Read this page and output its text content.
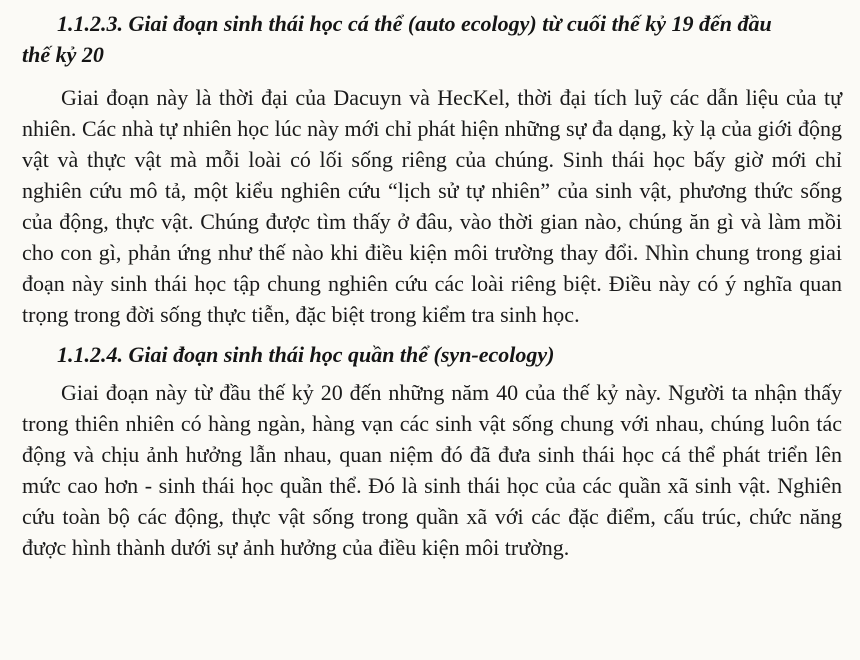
1.1.2.3. Giai đoạn sinh thái học cá thể (auto ecology) từ cuối thế kỷ 19 đến đầu
thế kỷ 20

Giai đoạn này là thời đại của Dacuyn và HecKel, thời đại tích luỹ các dẫn liệu của tự nhiên. Các nhà tự nhiên học lúc này mới chỉ phát hiện những sự đa dạng, kỳ lạ của giới động vật và thực vật mà mỗi loài có lối sống riêng của chúng. Sinh thái học bấy giờ mới chỉ nghiên cứu mô tả, một kiểu nghiên cứu “lịch sử tự nhiên” của sinh vật, phương thức sống của động, thực vật. Chúng được tìm thấy ở đâu, vào thời gian nào, chúng ăn gì và làm mồi cho con gì, phản ứng như thế nào khi điều kiện môi trường thay đổi. Nhìn chung trong giai đoạn này sinh thái học tập chung nghiên cứu các loài riêng biệt. Điều này có ý nghĩa quan trọng trong đời sống thực tiễn, đặc biệt trong kiểm tra sinh học.

1.1.2.4. Giai đoạn sinh thái học quần thể (syn-ecology)

Giai đoạn này từ đầu thế kỷ 20 đến những năm 40 của thế kỷ này. Người ta nhận thấy trong thiên nhiên có hàng ngàn, hàng vạn các sinh vật sống chung với nhau, chúng luôn tác động và chịu ảnh hưởng lẫn nhau, quan niệm đó đã đưa sinh thái học cá thể phát triển lên mức cao hơn - sinh thái học quần thể. Đó là sinh thái học của các quần xã sinh vật. Nghiên cứu toàn bộ các động, thực vật sống trong quần xã với các đặc điểm, cấu trúc, chức năng được hình thành dưới sự ảnh hưởng của điều kiện môi trường.
